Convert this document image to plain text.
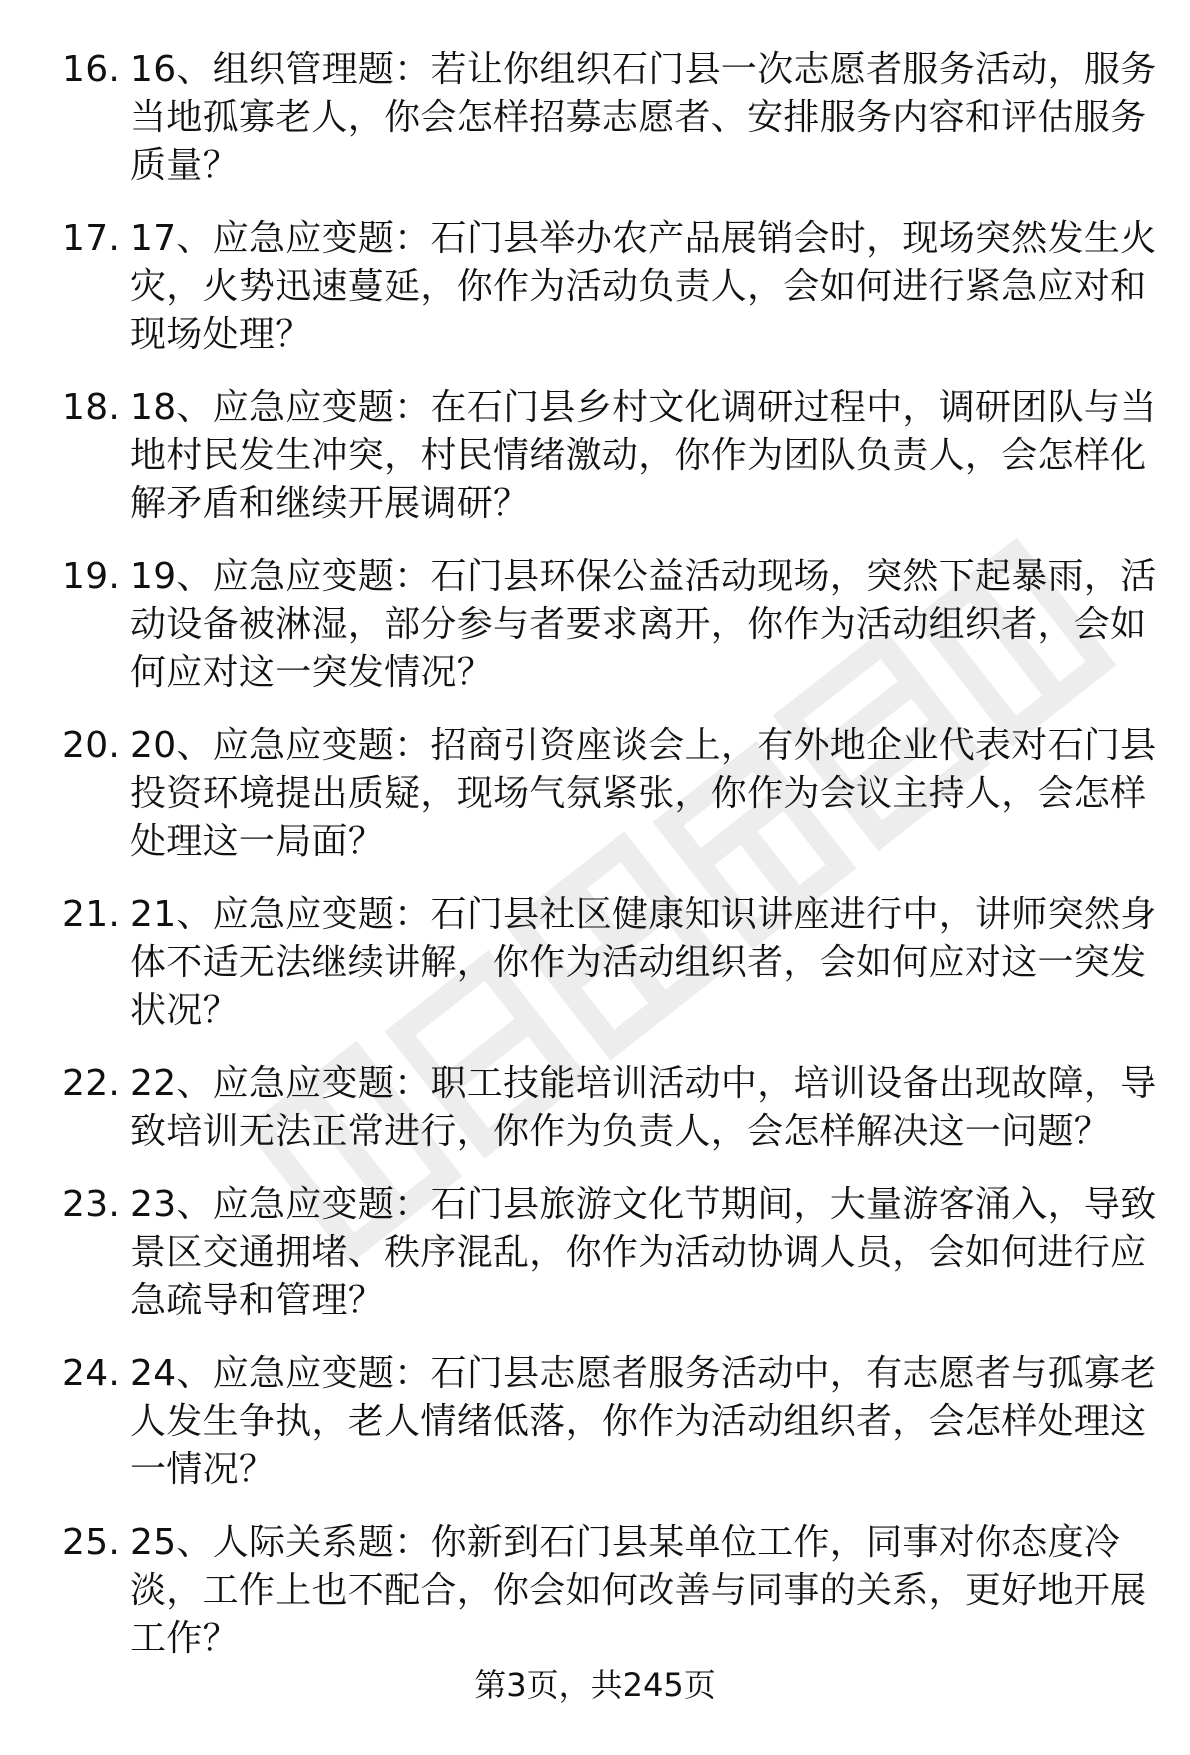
16. 16、组织管理题：若让你组织石门县一次志愿者服务活动，服务当地孤寡老人，你会怎样招募志愿者、安排服务内容和评估服务质量？
17. 17、应急应变题：石门县举办农产品展销会时，现场突然发生火灾，火势迅速蔓延，你作为活动负责人，会如何进行紧急应对和现场处理？
18. 18、应急应变题：在石门县乡村文化调研过程中，调研团队与当地村民发生冲突，村民情绪激动，你作为团队负责人，会怎样化解矛盾和继续开展调研？
19. 19、应急应变题：石门县环保公益活动现场，突然下起暴雨，活动设备被淋湿，部分参与者要求离开，你作为活动组织者，会如何应对这一突发情况？
20. 20、应急应变题：招商引资座谈会上，有外地企业代表对石门县投资环境提出质疑，现场气氛紧张，你作为会议主持人，会怎样处理这一局面？
21. 21、应急应变题：石门县社区健康知识讲座进行中，讲师突然身体不适无法继续讲解，你作为活动组织者，会如何应对这一突发状况？
22. 22、应急应变题：职工技能培训活动中，培训设备出现故障，导致培训无法正常进行，你作为负责人，会怎样解决这一问题？
23. 23、应急应变题：石门县旅游文化节期间，大量游客涌入，导致景区交通拥堵、秩序混乱，你作为活动协调人员，会如何进行应急疏导和管理？
24. 24、应急应变题：石门县志愿者服务活动中，有志愿者与孤寡老人发生争执，老人情绪低落，你作为活动组织者，会怎样处理这一情况？
25. 25、人际关系题：你新到石门县某单位工作，同事对你态度冷淡，工作上也不配合，你会如何改善与同事的关系，更好地开展工作？
第3页，共245页
